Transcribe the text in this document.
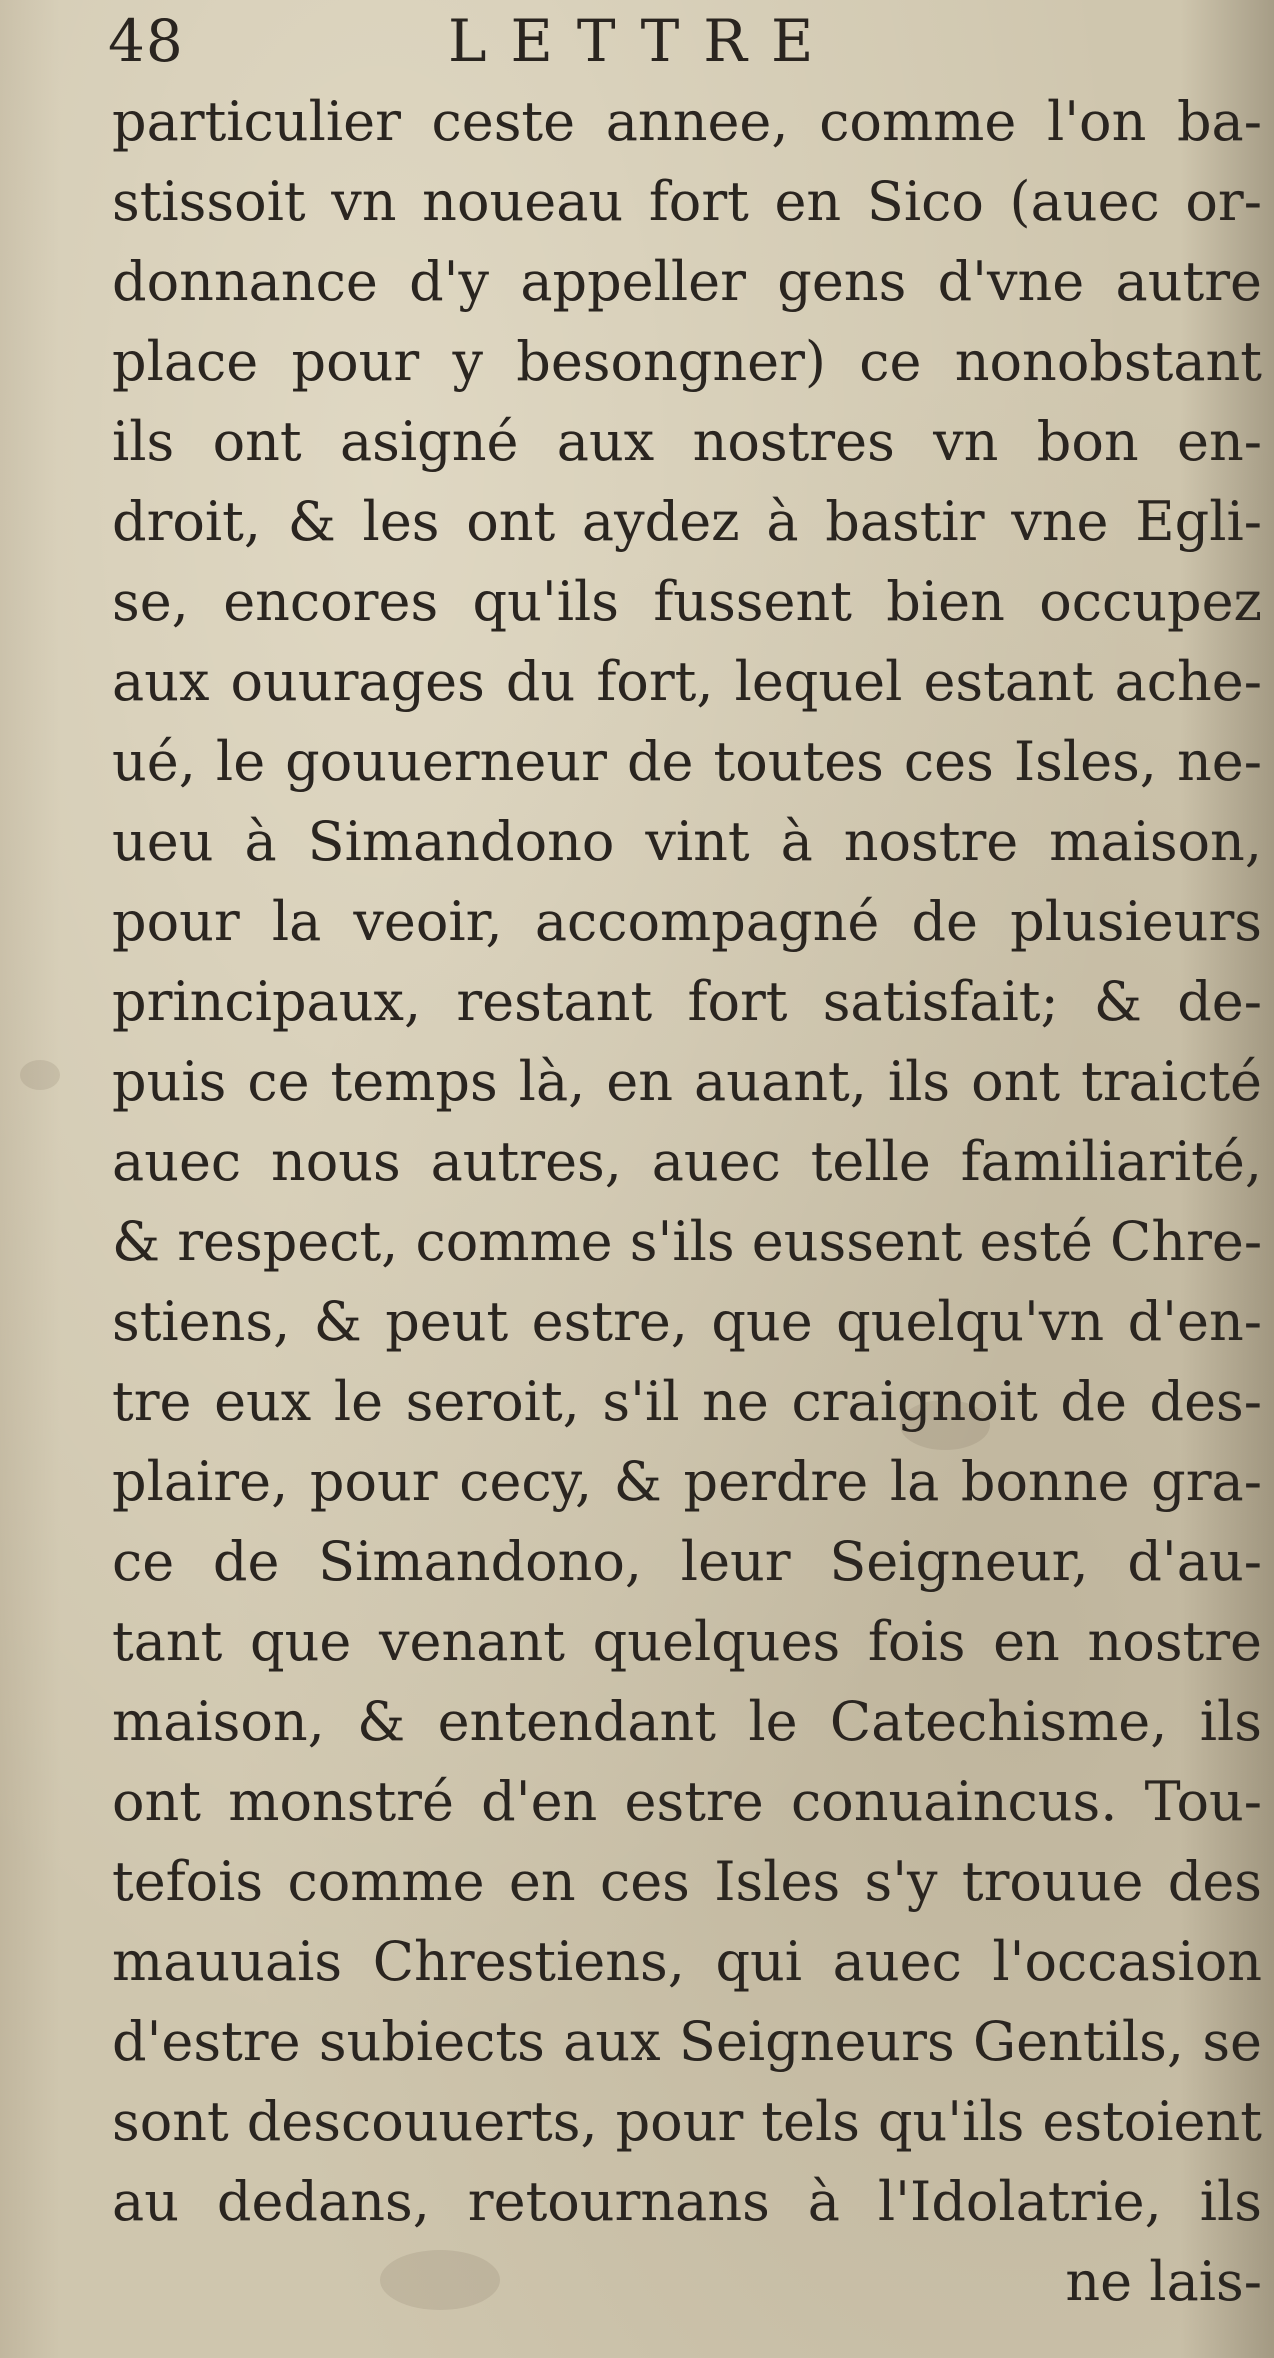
48	LETTRE
particulier ceste annee, comme l'on ba-
stissoit vn noueau fort en Sico (auec or-
donnance d'y appeller gens d'vne autre
place pour y besongner) ce nonobstant
ils ont asigné aux nostres vn bon en-
droit, & les ont aydez à bastir vne Egli-
se, encores qu'ils fussent bien occupez
aux ouurages du fort, lequel estant ache-
ué, le gouuerneur de toutes ces Isles, ne-
ueu à Simandono vint à nostre maison,
pour la veoir, accompagné de plusieurs
principaux, restant fort satisfait; & de-
puis ce temps là, en auant, ils ont traicté
auec nous autres, auec telle familiarité,
& respect, comme s'ils eussent esté Chre-
stiens, & peut estre, que quelqu'vn d'en-
tre eux le seroit, s'il ne craignoit de des-
plaire, pour cecy, & perdre la bonne gra-
ce de Simandono, leur Seigneur, d'au-
tant que venant quelques fois en nostre
maison, & entendant le Catechisme, ils
ont monstré d'en estre conuaincus. Tou-
tefois comme en ces Isles s'y trouue des
mauuais Chrestiens, qui auec l'occasion
d'estre subiects aux Seigneurs Gentils, se
sont descouuerts, pour tels qu'ils estoient
au dedans, retournans à l'Idolatrie, ils
ne lais-
